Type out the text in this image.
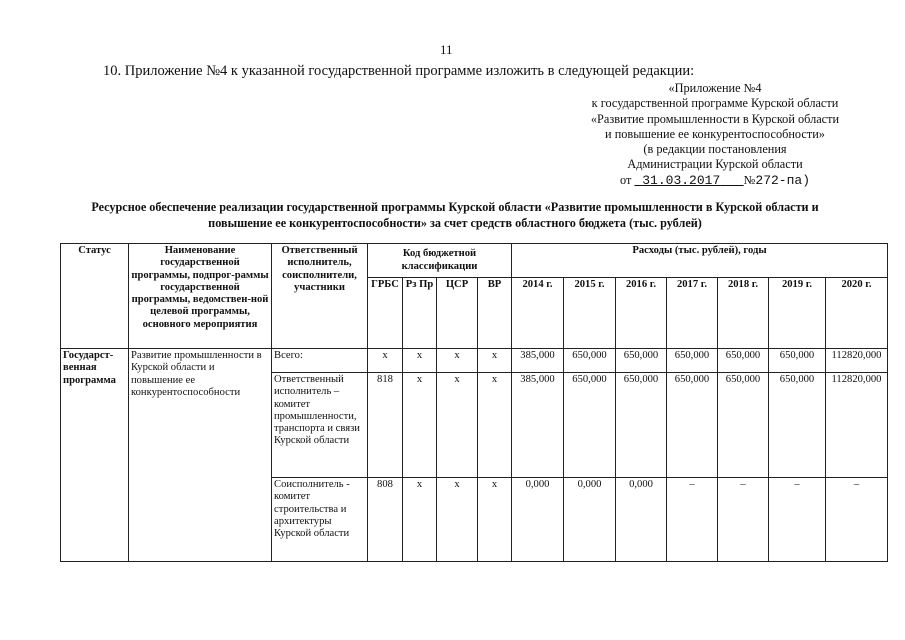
11
10. Приложение №4 к указанной государственной программе изложить в следующей редакции:
«Приложение №4
к государственной программе Курской области
«Развитие промышленности в Курской области
и повышение ее конкурентоспособности»
(в редакции постановления
Администрации Курской области
от 31.03.2017 №272-па)
Ресурсное обеспечение реализации государственной программы Курской области «Развитие промышленности в Курской области и повышение ее конкурентоспособности» за счет средств областного бюджета (тыс. рублей)
Статус	Наименование государственной программы, подпрог-раммы государственной программы, ведомствен-ной целевой программы, основного мероприятия	Ответственный исполнитель, соисполнители, участники	Код бюджетной классификации				Расходы (тыс. рублей), годы						
			ГРБС	Рз Пр	ЦСР	ВР	2014 г.	2015 г.	2016 г.	2017 г.	2018 г.	2019 г.	2020 г.
Государст-венная программа	Развитие промышленности в Курской области и повышение ее конкурентоспособности	Всего:	x	x	x	x	385,000	650,000	650,000	650,000	650,000	650,000	112820,000
		Ответственный исполнитель – комитет промышленности, транспорта и связи Курской области	818	x	x	x	385,000	650,000	650,000	650,000	650,000	650,000	112820,000
		Соисполнитель - комитет строительства и архитектуры Курской области	808	x	x	x	0,000	0,000	0,000	–	–	–	–
